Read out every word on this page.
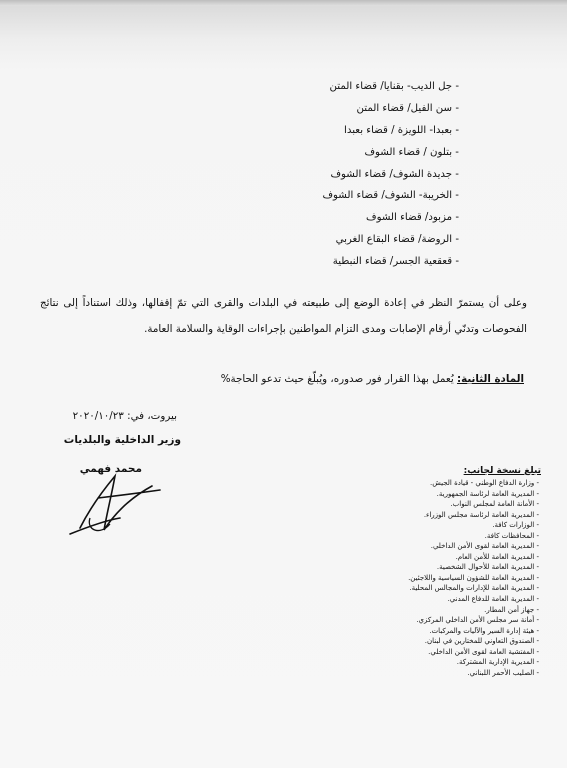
- جل الديب- بقنايا/ قضاء المتن
- سن الفيل/ قضاء المتن
- بعبدا- اللويزة / قضاء بعبدا
- بتلون / قضاء الشوف
- جديدة الشوف/ قضاء الشوف
- الخريبة- الشوف/ قضاء الشوف
- مزبود/ قضاء الشوف
- الروضة/ قضاء البقاع الغربي
- قعقعية الجسر/ قضاء النبطية
وعلى أن يستمرّ النظر في إعادة الوضع إلى طبيعته في البلدات والقرى التي تمّ إقفالها، وذلك استناداً إلى نتائج الفحوصات وتدنّي أرقام الإصابات ومدى التزام المواطنين بإجراءات الوقاية والسلامة العامة.
المادة الثانية: يُعمل بهذا القرار فور صدوره، ويُبلّغ حيث تدعو الحاجة%
بيروت، في: ٢٠٢٠/١٠/٢٣
وزير الداخلية والبلديات
محمد فهمي	تبلغ نسخة لجانب:
- وزارة الدفاع الوطني - قيادة الجيش.
- المديرية العامة لرئاسة الجمهورية.
- الأمانة العامة لمجلس النواب.
- المديرية العامة لرئاسة مجلس الوزراء.
- الوزارات كافة.
- المحافظات كافة.
- المديرية العامة لقوى الأمن الداخلي.
- المديرية العامة للأمن العام.
- المديرية العامة للأحوال الشخصية.
- المديرية العامة للشؤون السياسية واللاجئين.
- المديرية العامة للإدارات والمجالس المحلية.
- المديرية العامة للدفاع المدني.
- جهاز أمن المطار.
- أمانة سر مجلس الأمن الداخلي المركزي.
- هيئة إدارة السير والآليات والمركبات.
- الصندوق التعاوني للمختارين في لبنان.
- المفتشية العامة لقوى الأمن الداخلي.
- المديرية الإدارية المشتركة.
- الصليب الأحمر اللبناني.
